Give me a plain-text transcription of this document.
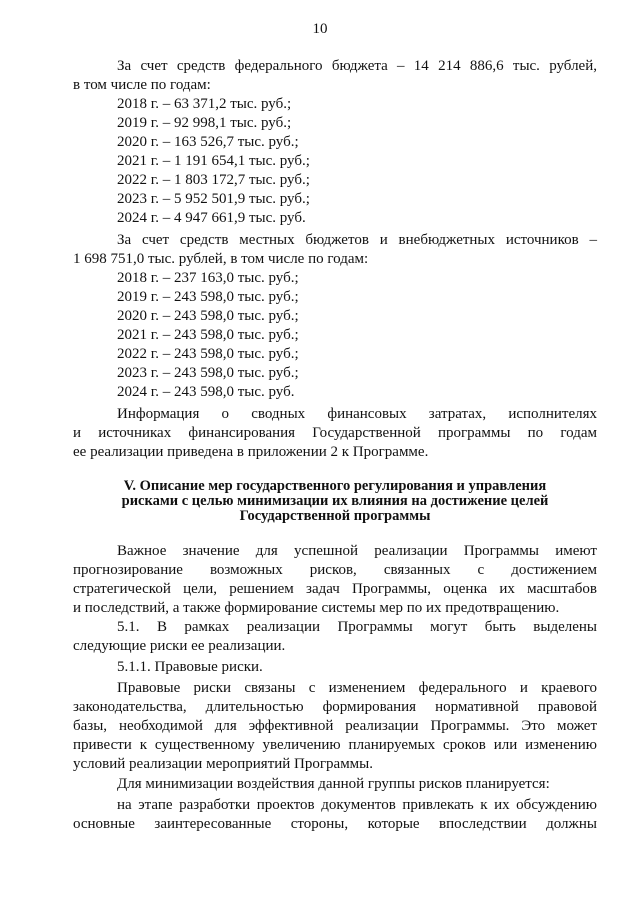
10
За счет средств федерального бюджета – 14 214 886,6 тыс. рублей,
в том числе по годам:
2018 г. – 63 371,2 тыс. руб.;
2019 г. – 92 998,1 тыс. руб.;
2020 г. – 163 526,7 тыс. руб.;
2021 г. – 1 191 654,1 тыс. руб.;
2022 г. – 1 803 172,7 тыс. руб.;
2023 г. – 5 952 501,9 тыс. руб.;
2024 г. – 4 947 661,9 тыс. руб.
За счет средств местных бюджетов и внебюджетных источников –
1 698 751,0 тыс. рублей, в том числе по годам:
2018 г. – 237 163,0 тыс. руб.;
2019 г. – 243 598,0 тыс. руб.;
2020 г. – 243 598,0 тыс. руб.;
2021 г. – 243 598,0 тыс. руб.;
2022 г. – 243 598,0 тыс. руб.;
2023 г. – 243 598,0 тыс. руб.;
2024 г. – 243 598,0 тыс. руб.
Информация о сводных финансовых затратах, исполнителях
и источниках финансирования Государственной программы по годам
ее реализации приведена в приложении 2 к Программе.
V. Описание мер государственного регулирования и управления
рисками с целью минимизации их влияния на достижение целей
Государственной программы
Важное значение для успешной реализации Программы имеют
прогнозирование возможных рисков, связанных с достижением
стратегической цели, решением задач Программы, оценка их масштабов
и последствий, а также формирование системы мер по их предотвращению.
5.1. В рамках реализации Программы могут быть выделены
следующие риски ее реализации.
5.1.1. Правовые риски.
Правовые риски связаны с изменением федерального и краевого
законодательства, длительностью формирования нормативной правовой
базы, необходимой для эффективной реализации Программы. Это может
привести к существенному увеличению планируемых сроков или изменению
условий реализации мероприятий Программы.
Для минимизации воздействия данной группы рисков планируется:
на этапе разработки проектов документов привлекать к их обсуждению
основные заинтересованные стороны, которые впоследствии должны
